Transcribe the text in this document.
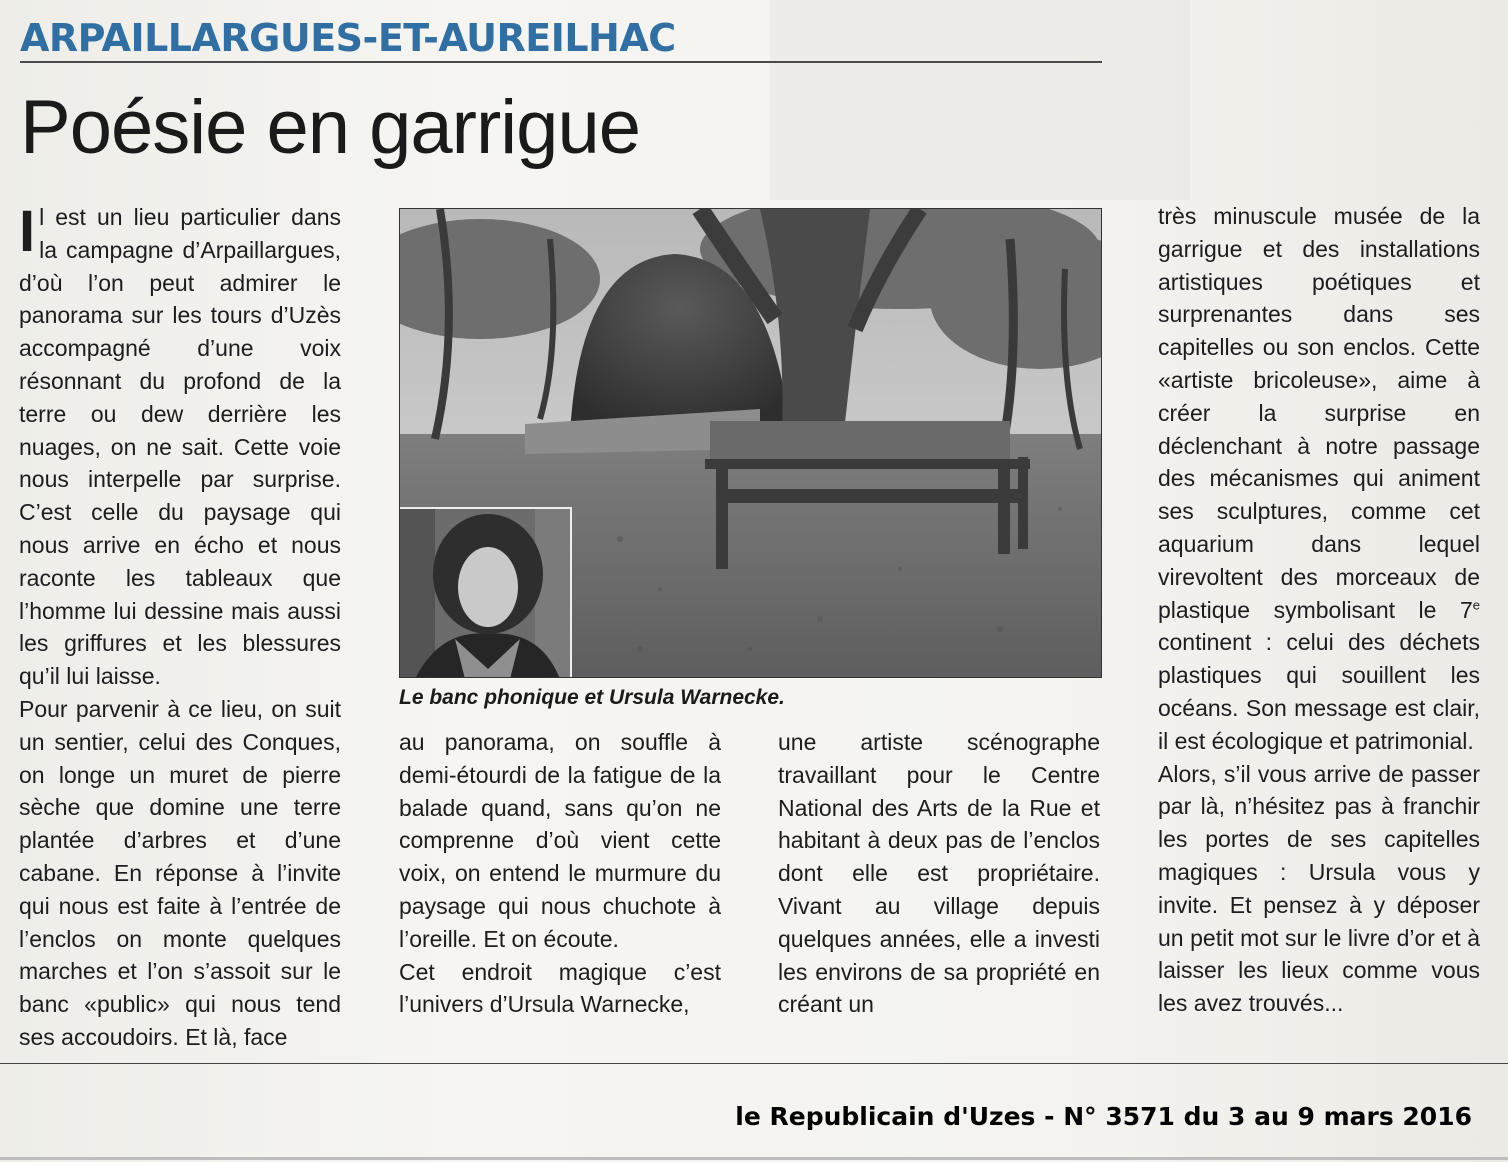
ARPAILLARGUES-ET-AUREILHAC
Poésie en garrigue

Il est un lieu particulier dans la campagne d’Arpaillargues, d’où l’on peut admirer le panorama sur les tours d’Uzès accompagné d’une voix résonnant du profond de la terre ou dew derrière les nuages, on ne sait. Cette voie nous interpelle par surprise. C’est celle du paysage qui nous arrive en écho et nous raconte les tableaux que l’homme lui dessine mais aussi les griffures et les blessures qu’il lui laisse.

Pour parvenir à ce lieu, on suit un sentier, celui des Conques, on longe un muret de pierre sèche que domine une terre plantée d’arbres et d’une cabane. En réponse à l’invite qui nous est faite à l’entrée de l’enclos on monte quelques marches et l’on s’assoit sur le banc «public» qui nous tend ses accoudoirs. Et là, face

Le banc phonique et Ursula Warnecke.

au panorama, on souffle à demi-étourdi de la fatigue de la balade quand, sans qu’on ne comprenne d’où vient cette voix, on entend le murmure du paysage qui nous chuchote à l’oreille. Et on écoute.

Cet endroit magique c’est l’univers d’Ursula Warnecke,

une artiste scénographe travaillant pour le Centre National des Arts de la Rue et habitant à deux pas de l’enclos dont elle est propriétaire. Vivant au village depuis quelques années, elle a investi les environs de sa propriété en créant un

très minuscule musée de la garrigue et des installations artistiques poétiques et surprenantes dans ses capitelles ou son enclos. Cette «artiste bricoleuse», aime à créer la surprise en déclenchant à notre passage des mécanismes qui animent ses sculptures, comme cet aquarium dans lequel virevoltent des morceaux de plastique symbolisant le 7e continent : celui des déchets plastiques qui souillent les océans. Son message est clair, il est écologique et patrimonial.

Alors, s’il vous arrive de passer par là, n’hésitez pas à franchir les portes de ses capitelles magiques : Ursula vous y invite. Et pensez à y déposer un petit mot sur le livre d’or et à laisser les lieux comme vous les avez trouvés...

le Republicain d'Uzes - N° 3571 du 3 au 9 mars 2016
